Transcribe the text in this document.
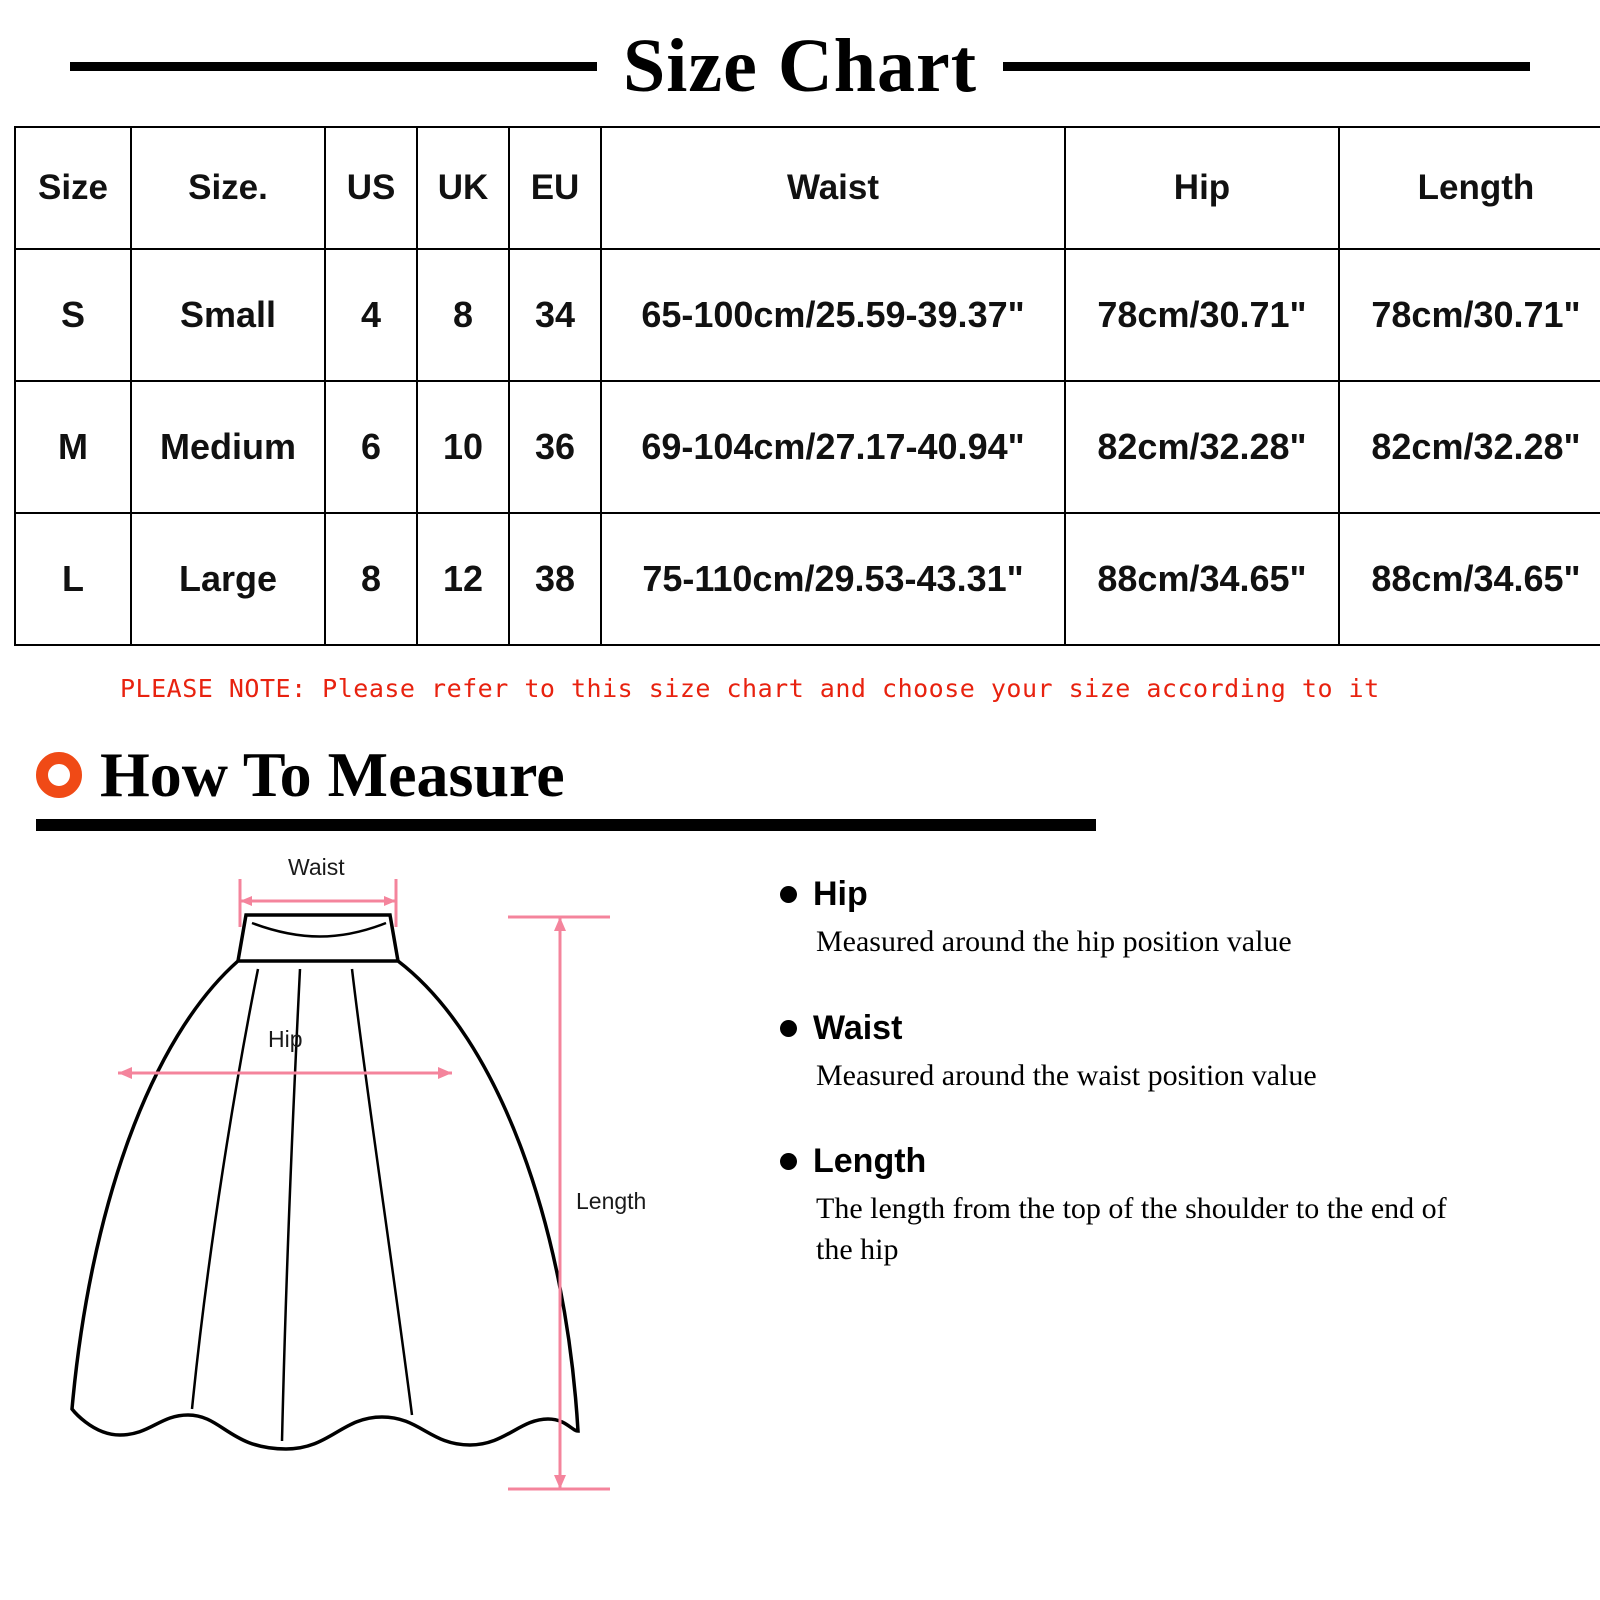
Size Chart
Size	Size.	US	UK	EU	Waist	Hip	Length
S	Small	4	8	34	65-100cm/25.59-39.37"	78cm/30.71"	78cm/30.71"
M	Medium	6	10	36	69-104cm/27.17-40.94"	82cm/32.28"	82cm/32.28"
L	Large	8	12	38	75-110cm/29.53-43.31"	88cm/34.65"	88cm/34.65"
PLEASE NOTE: Please refer to this size chart and choose your size according to it
How To Measure
Waist
Hip
Length
Hip
Measured around the hip position value
Waist
Measured around the waist position value
Length
The length from the top of the shoulder to the end of the hip
